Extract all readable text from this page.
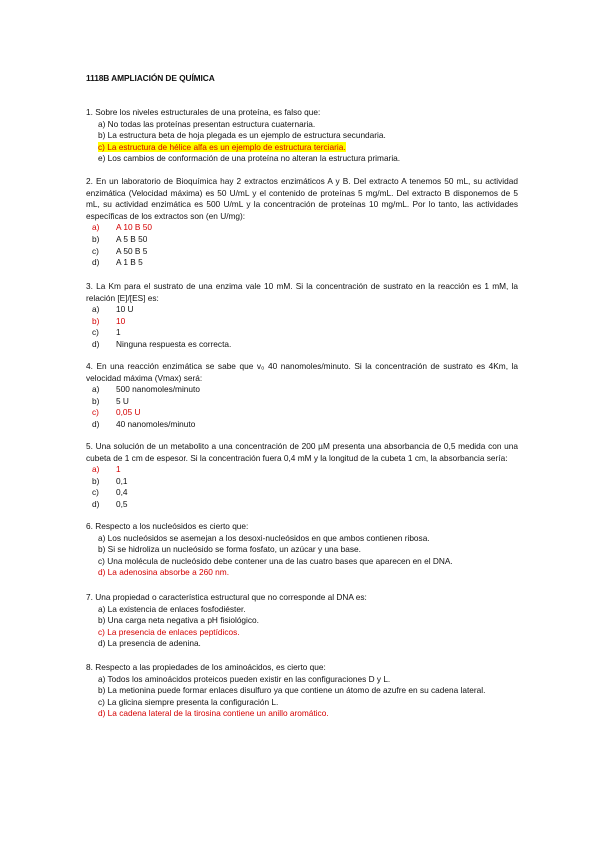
1118B AMPLIACIÓN DE QUÍMICA
1. Sobre los niveles estructurales de una proteína, es falso que:
a) No todas las proteínas presentan estructura cuaternaria.
b) La estructura beta de hoja plegada es un ejemplo de estructura secundaria.
c) La estructura de hélice alfa es un ejemplo de estructura terciaria.
e) Los cambios de conformación de una proteína no alteran la estructura primaria.
2. En un laboratorio de Bioquímica hay 2 extractos enzimáticos A y B. Del extracto A tenemos 50 mL, su actividad enzimática (Velocidad máxima) es 50 U/mL y el contenido de proteínas 5 mg/mL. Del extracto B disponemos de 5 mL, su actividad enzimática es 500 U/mL y la concentración de proteínas 10 mg/mL. Por lo tanto, las actividades específicas de los extractos son (en U/mg):
a)	A 10 B 50
b)	A 5 B 50
c)	A 50 B 5
d)	A 1 B 5
3. La Km para el sustrato de una enzima vale 10 mM. Si la concentración de sustrato en la reacción es 1 mM, la relación [E]/[ES] es:
a)	10 U
b)	10
c)	1
d)	Ninguna respuesta es correcta.
4. En una reacción enzimática se sabe que v₀ 40 nanomoles/minuto. Si la concentración de sustrato es 4Km, la velocidad máxima (Vmax) será:
a)	500 nanomoles/minuto
b)	5 U
c)	0,05 U
d)	40 nanomoles/minuto
5. Una solución de un metabolito a una concentración de 200 µM presenta una absorbancia de 0,5 medida con una cubeta de 1 cm de espesor. Si la concentración fuera 0,4 mM y la longitud de la cubeta 1 cm, la absorbancia sería:
a)	1
b)	0,1
c)	0,4
d)	0,5
6. Respecto a los nucleósidos es cierto que:
a) Los nucleósidos se asemejan a los desoxi-nucleósidos en que ambos contienen ribosa.
b) Si se hidroliza un nucleósido se forma fosfato, un azúcar y una base.
c) Una molécula de nucleósido debe contener una de las cuatro bases que aparecen en el DNA.
d) La adenosina absorbe a 260 nm.
7. Una propiedad o característica estructural que no corresponde al DNA es:
a) La existencia de enlaces fosfodiéster.
b) Una carga neta negativa a pH fisiológico.
c) La presencia de enlaces peptídicos.
d) La presencia de adenina.
8. Respecto a las propiedades de los aminoácidos, es cierto que:
a) Todos los aminoácidos proteicos pueden existir en las configuraciones D y L.
b) La metionina puede formar enlaces disulfuro ya que contiene un átomo de azufre en su cadena lateral.
c) La glicina siempre presenta la configuración L.
d) La cadena lateral de la tirosina contiene un anillo aromático.
